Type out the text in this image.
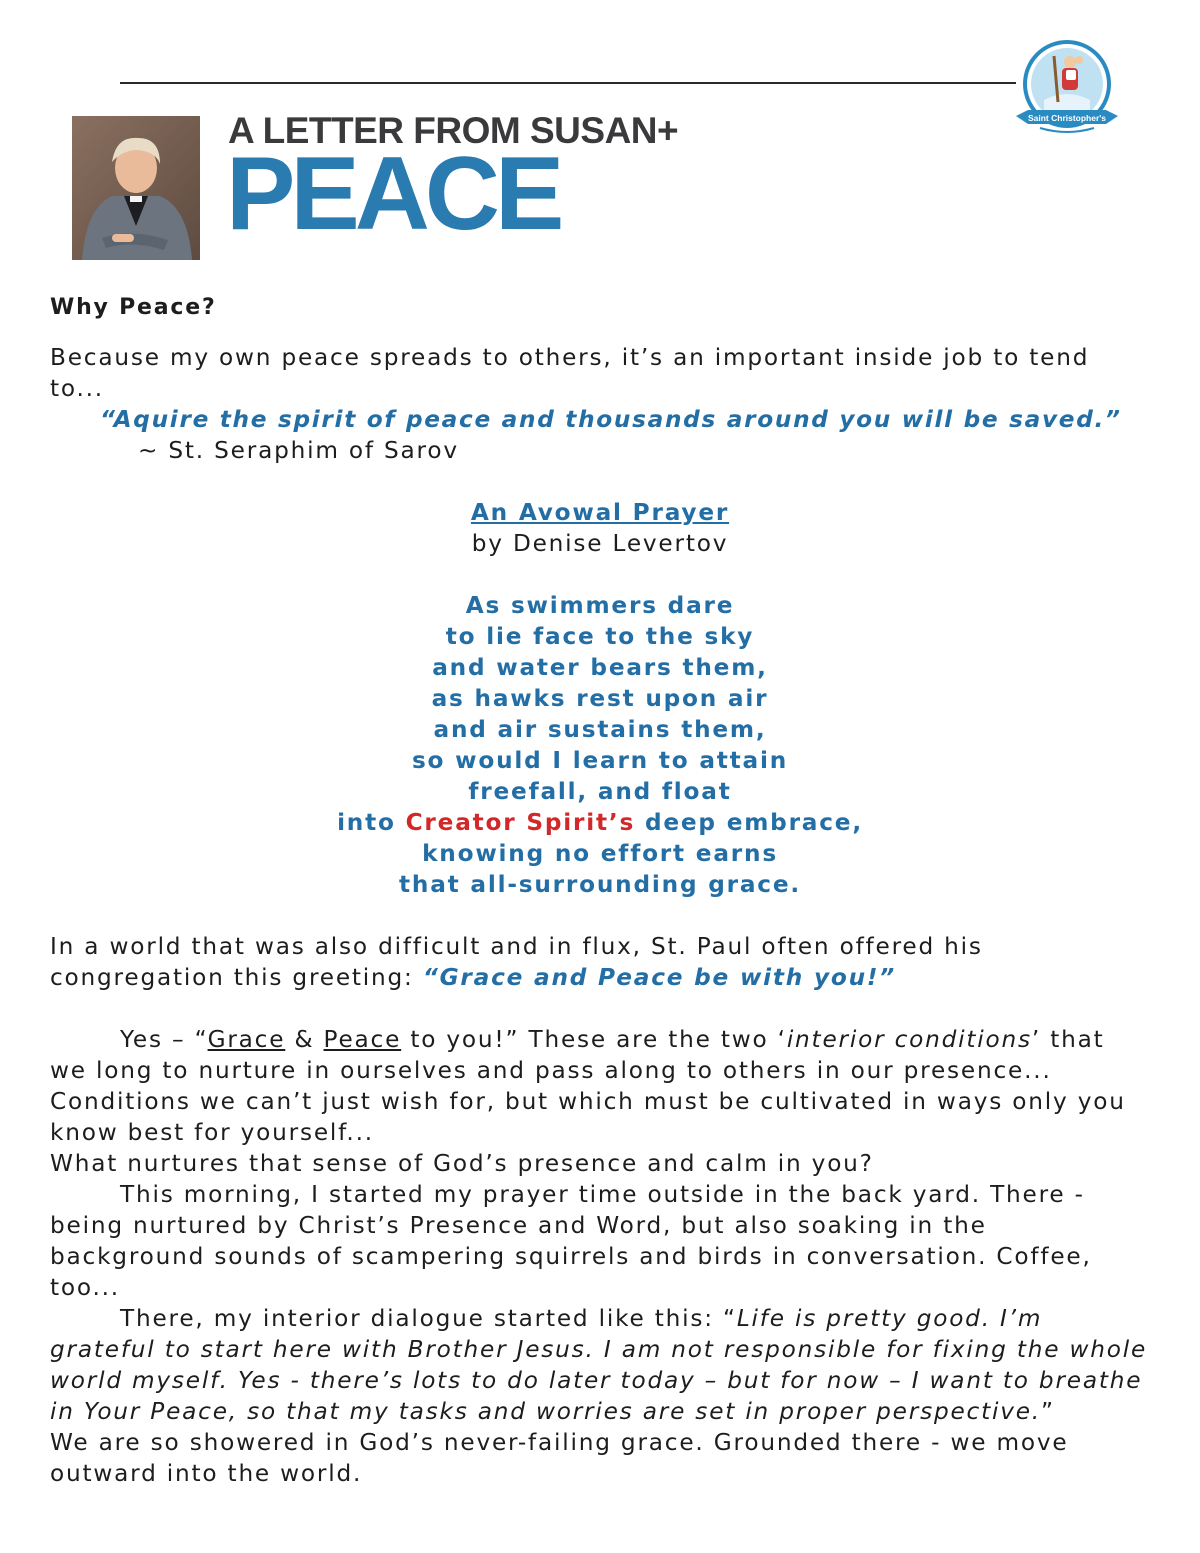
Saint Christopher's
A LETTER FROM SUSAN+
PEACE

Why Peace?

Because my own peace spreads to others, it’s an important inside job to tend to...

“Aquire the spirit of peace and thousands around you will be saved.”

~ St. Seraphim of Sarov

An Avowal Prayer

by Denise Levertov

As swimmers dare

to lie face to the sky

and water bears them,

as hawks rest upon air

and air sustains them,

so would I learn to attain

freefall, and float

into Creator Spirit’s deep embrace,

knowing no effort earns

that all-surrounding grace.

In a world that was also difficult and in flux, St. Paul often offered his congregation this greeting: “Grace and Peace be with you!”

Yes – “Grace & Peace to you!” These are the two ‘interior conditions’ that we long to nurture in ourselves and pass along to others in our presence... Conditions we can’t just wish for, but which must be cultivated in ways only you know best for yourself...

What nurtures that sense of God’s presence and calm in you?

This morning, I started my prayer time outside in the back yard. There - being nurtured by Christ’s Presence and Word, but also soaking in the background sounds of scampering squirrels and birds in conversation. Coffee, too...

There, my interior dialogue started like this: “Life is pretty good. I’m grateful to start here with Brother Jesus. I am not responsible for fixing the whole world myself. Yes - there’s lots to do later today – but for now – I want to breathe in Your Peace, so that my tasks and worries are set in proper perspective.”

We are so showered in God’s never-failing grace. Grounded there - we move outward into the world.
